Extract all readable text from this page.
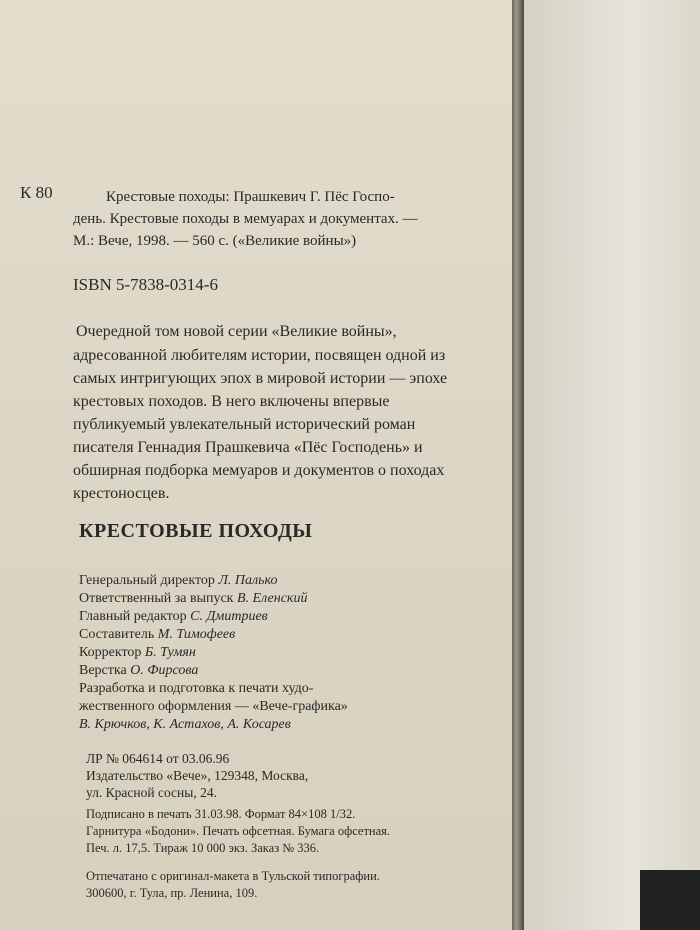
К 80	Крестовые походы: Прашкевич Г. Пёс Госпо-
день. Крестовые походы в мемуарах и документах. —
М.: Вече, 1998. — 560 с. («Великие войны»)
ISBN 5-7838-0314-6
Очередной том новой серии «Великие войны»,
адресованной любителям истории, посвящен одной из
самых интригующих эпох в мировой истории — эпохе
крестовых походов. В него включены впервые
публикуемый увлекательный исторический роман
писателя Геннадия Прашкевича «Пёс Господень» и
обширная подборка мемуаров и документов о походах
крестоносцев.
КРЕСТОВЫЕ ПОХОДЫ
Генеральный директор Л. Палько
Ответственный за выпуск В. Еленский
Главный редактор С. Дмитриев
Составитель М. Тимофеев
Корректор Б. Тумян
Верстка О. Фирсова
Разработка и подготовка к печати худо-
жественного оформления — «Вече-графика»
В. Крючков, К. Астахов, А. Косарев
ЛР № 064614 от 03.06.96
Издательство «Вече», 129348, Москва,
ул. Красной сосны, 24.
Подписано в печать 31.03.98. Формат 84×108 1/32.
Гарнитура «Бодони». Печать офсетная. Бумага офсетная.
Печ. л. 17,5. Тираж 10 000 экз. Заказ № 336.
Отпечатано с оригинал-макета в Тульской типографии.
300600, г. Тула, пр. Ленина, 109.
